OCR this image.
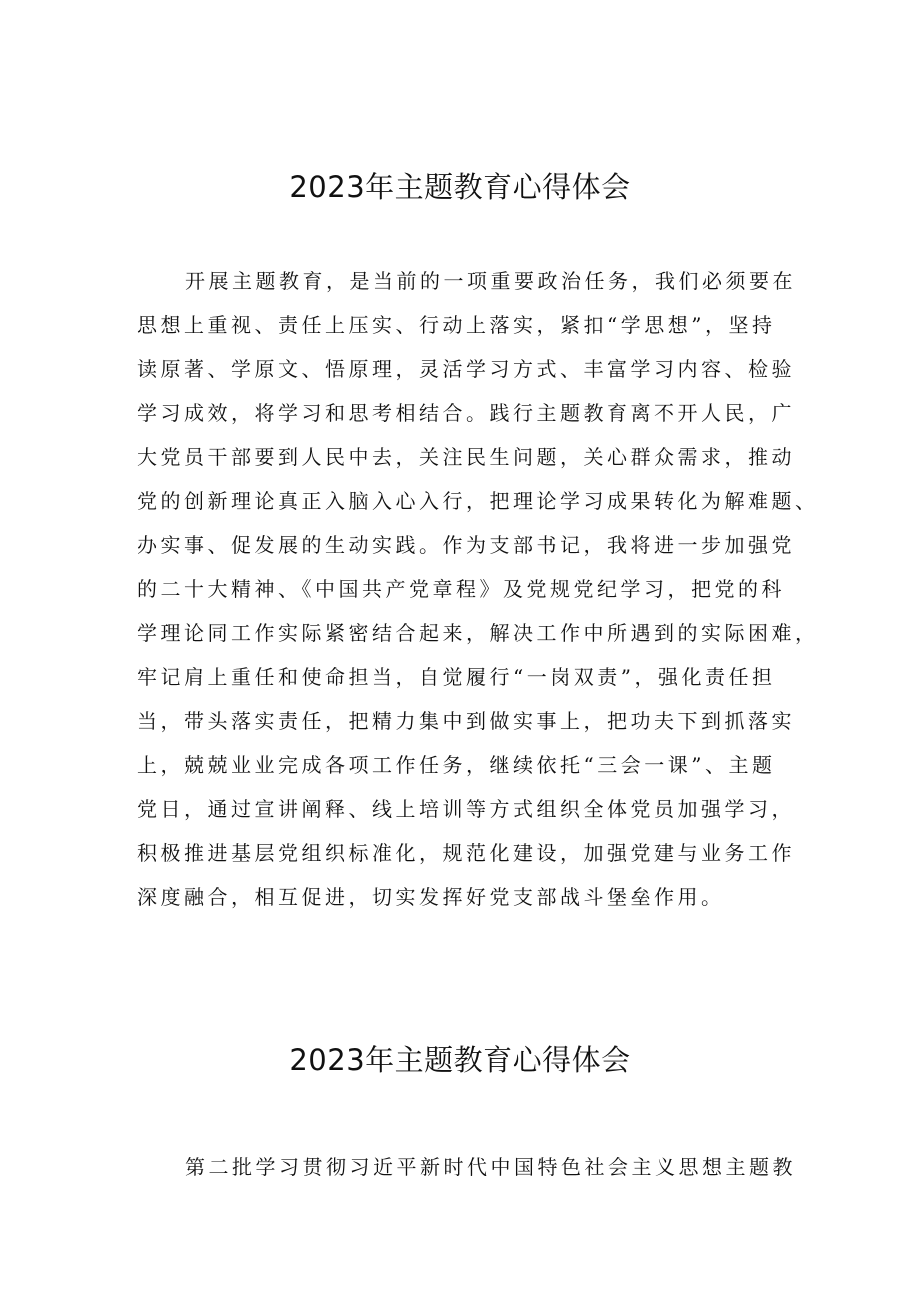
2023年主题教育心得体会
开展主题教育，是当前的一项重要政治任务，我们必须要在
思想上重视、责任上压实、行动上落实，紧扣“学思想”，坚持
读原著、学原文、悟原理，灵活学习方式、丰富学习内容、检验
学习成效，将学习和思考相结合。践行主题教育离不开人民，广
大党员干部要到人民中去，关注民生问题，关心群众需求，推动
党的创新理论真正入脑入心入行，把理论学习成果转化为解难题、
办实事、促发展的生动实践。作为支部书记，我将进一步加强党
的二十大精神、《中国共产党章程》及党规党纪学习，把党的科
学理论同工作实际紧密结合起来，解决工作中所遇到的实际困难，
牢记肩上重任和使命担当，自觉履行“一岗双责”，强化责任担
当，带头落实责任，把精力集中到做实事上，把功夫下到抓落实
上，兢兢业业完成各项工作任务，继续依托“三会一课”、主题
党日，通过宣讲阐释、线上培训等方式组织全体党员加强学习，
积极推进基层党组织标准化，规范化建设，加强党建与业务工作
深度融合，相互促进，切实发挥好党支部战斗堡垒作用。
2023年主题教育心得体会
第二批学习贯彻习近平新时代中国特色社会主义思想主题教
